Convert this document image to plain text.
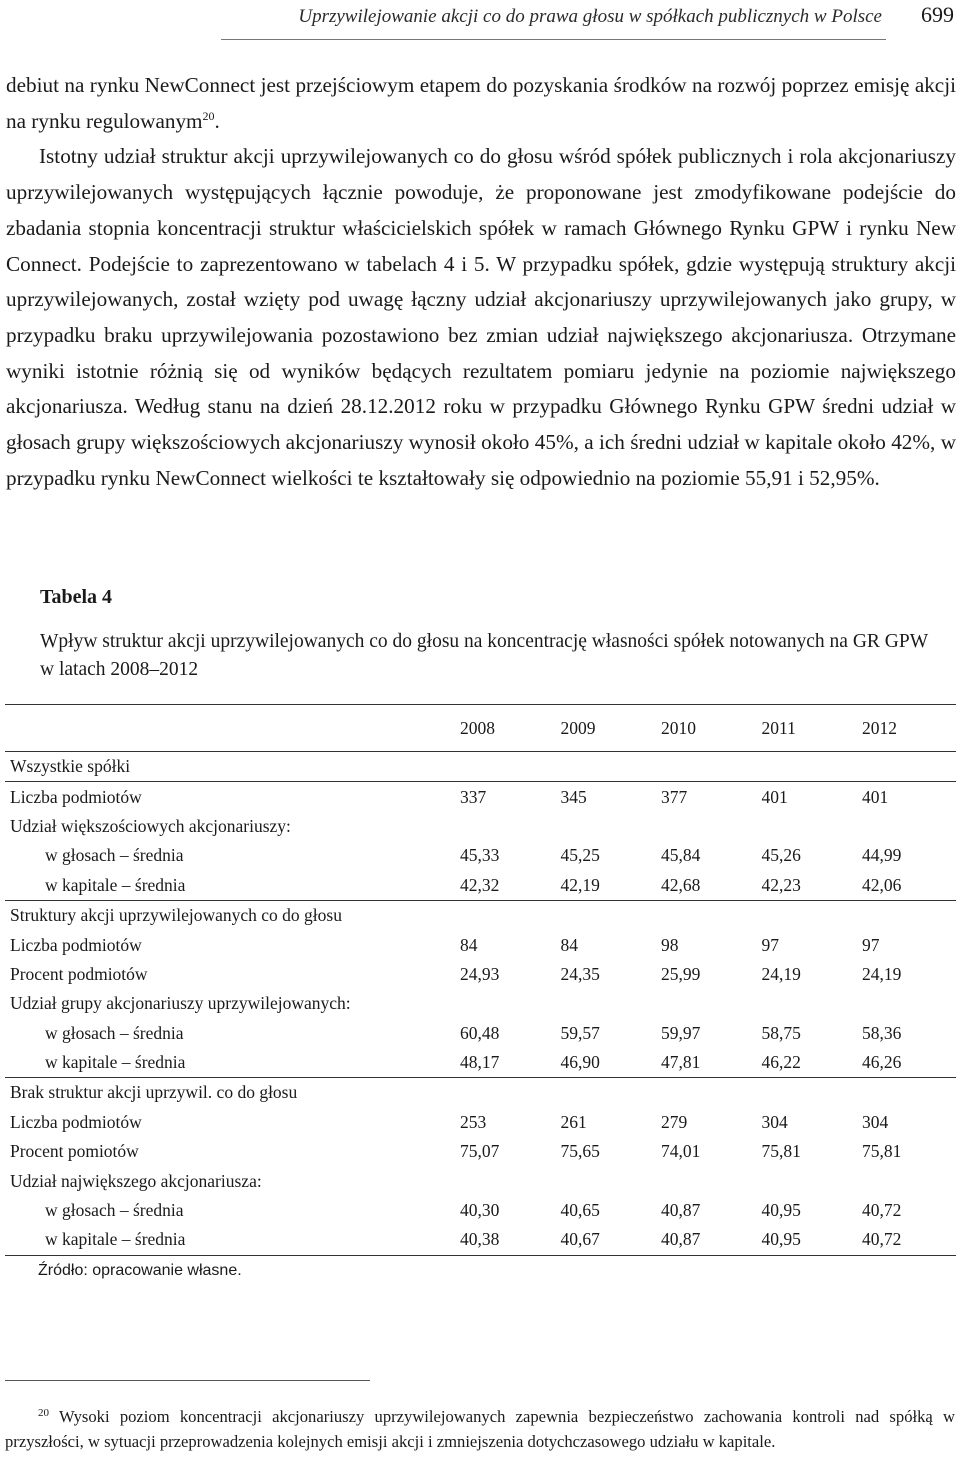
Uprzywilejowanie akcji co do prawa głosu w spółkach publicznych w Polsce 699

debiut na rynku NewConnect jest przejściowym etapem do pozyskania środków na rozwój poprzez emisję akcji na rynku regulowanym$^{20}$.

Istotny udział struktur akcji uprzywilejowanych co do głosu wśród spółek publicznych i rola akcjonariuszy uprzywilejowanych występujących łącznie powoduje, że proponowane jest zmodyfikowane podejście do zbadania stopnia koncentracji struktur właścicielskich spółek w ramach Głównego Rynku GPW i rynku New Connect. Podejście to zaprezentowano w tabelach 4 i 5. W przypadku spółek, gdzie występują struktury akcji uprzywilejowanych, został wzięty pod uwagę łączny udział akcjonariuszy uprzywilejowanych jako grupy, w przypadku braku uprzywilejowania pozostawiono bez zmian udział największego akcjonariusza. Otrzymane wyniki istotnie różnią się od wyników będących rezultatem pomiaru jedynie na poziomie największego akcjonariusza. Według stanu na dzień 28.12.2012 roku w przypadku Głównego Rynku GPW średni udział w głosach grupy większościowych akcjonariuszy wynosił około 45%, a ich średni udział w kapitale około 42%, w przypadku rynku NewConnect wielkości te kształtowały się odpowiednio na poziomie 55,91 i 52,95%.

Tabela 4
Wpływ struktur akcji uprzywilejowanych co do głosu na koncentrację własności spółek notowanych na GR GPW w latach 2008–2012
	2008	2009	2010	2011	2012
Wszystkie spółki					
Liczba podmiotów	337	345	377	401	401
Udział większościowych akcjonariuszy:					
w głosach – średnia	45,33	45,25	45,84	45,26	44,99
w kapitale – średnia	42,32	42,19	42,68	42,23	42,06
Struktury akcji uprzywilejowanych co do głosu					
Liczba podmiotów	84	84	98	97	97
Procent podmiotów	24,93	24,35	25,99	24,19	24,19
Udział grupy akcjonariuszy uprzywilejowanych:					
w głosach – średnia	60,48	59,57	59,97	58,75	58,36
w kapitale – średnia	48,17	46,90	47,81	46,22	46,26
Brak struktur akcji uprzywil. co do głosu					
Liczba podmiotów	253	261	279	304	304
Procent pomiotów	75,07	75,65	74,01	75,81	75,81
Udział największego akcjonariusza:					
w głosach – średnia	40,30	40,65	40,87	40,95	40,72
w kapitale – średnia	40,38	40,67	40,87	40,95	40,72
Źródło: opracowanie własne.

$^{20}$ Wysoki poziom koncentracji akcjonariuszy uprzywilejowanych zapewnia bezpieczeństwo zachowania kontroli nad spółką w przyszłości, w sytuacji przeprowadzenia kolejnych emisji akcji i zmniejszenia dotychczasowego udziału w kapitale.
